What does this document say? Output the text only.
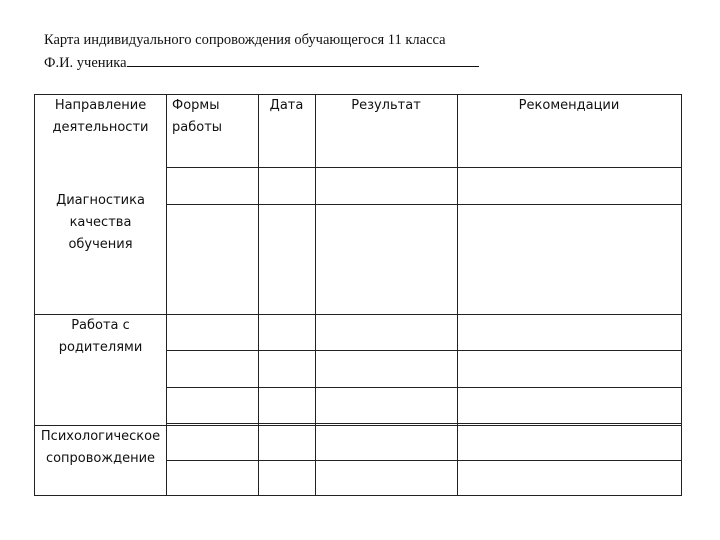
Карта индивидуального сопровождения обучающегося 11 класса
Ф.И. ученика
Направление
деятельности
Формы
работы
Дата	Результат	Рекомендации
Диагностика
качества
обучения
Работа с
родителями
Психологическое
сопровождение
